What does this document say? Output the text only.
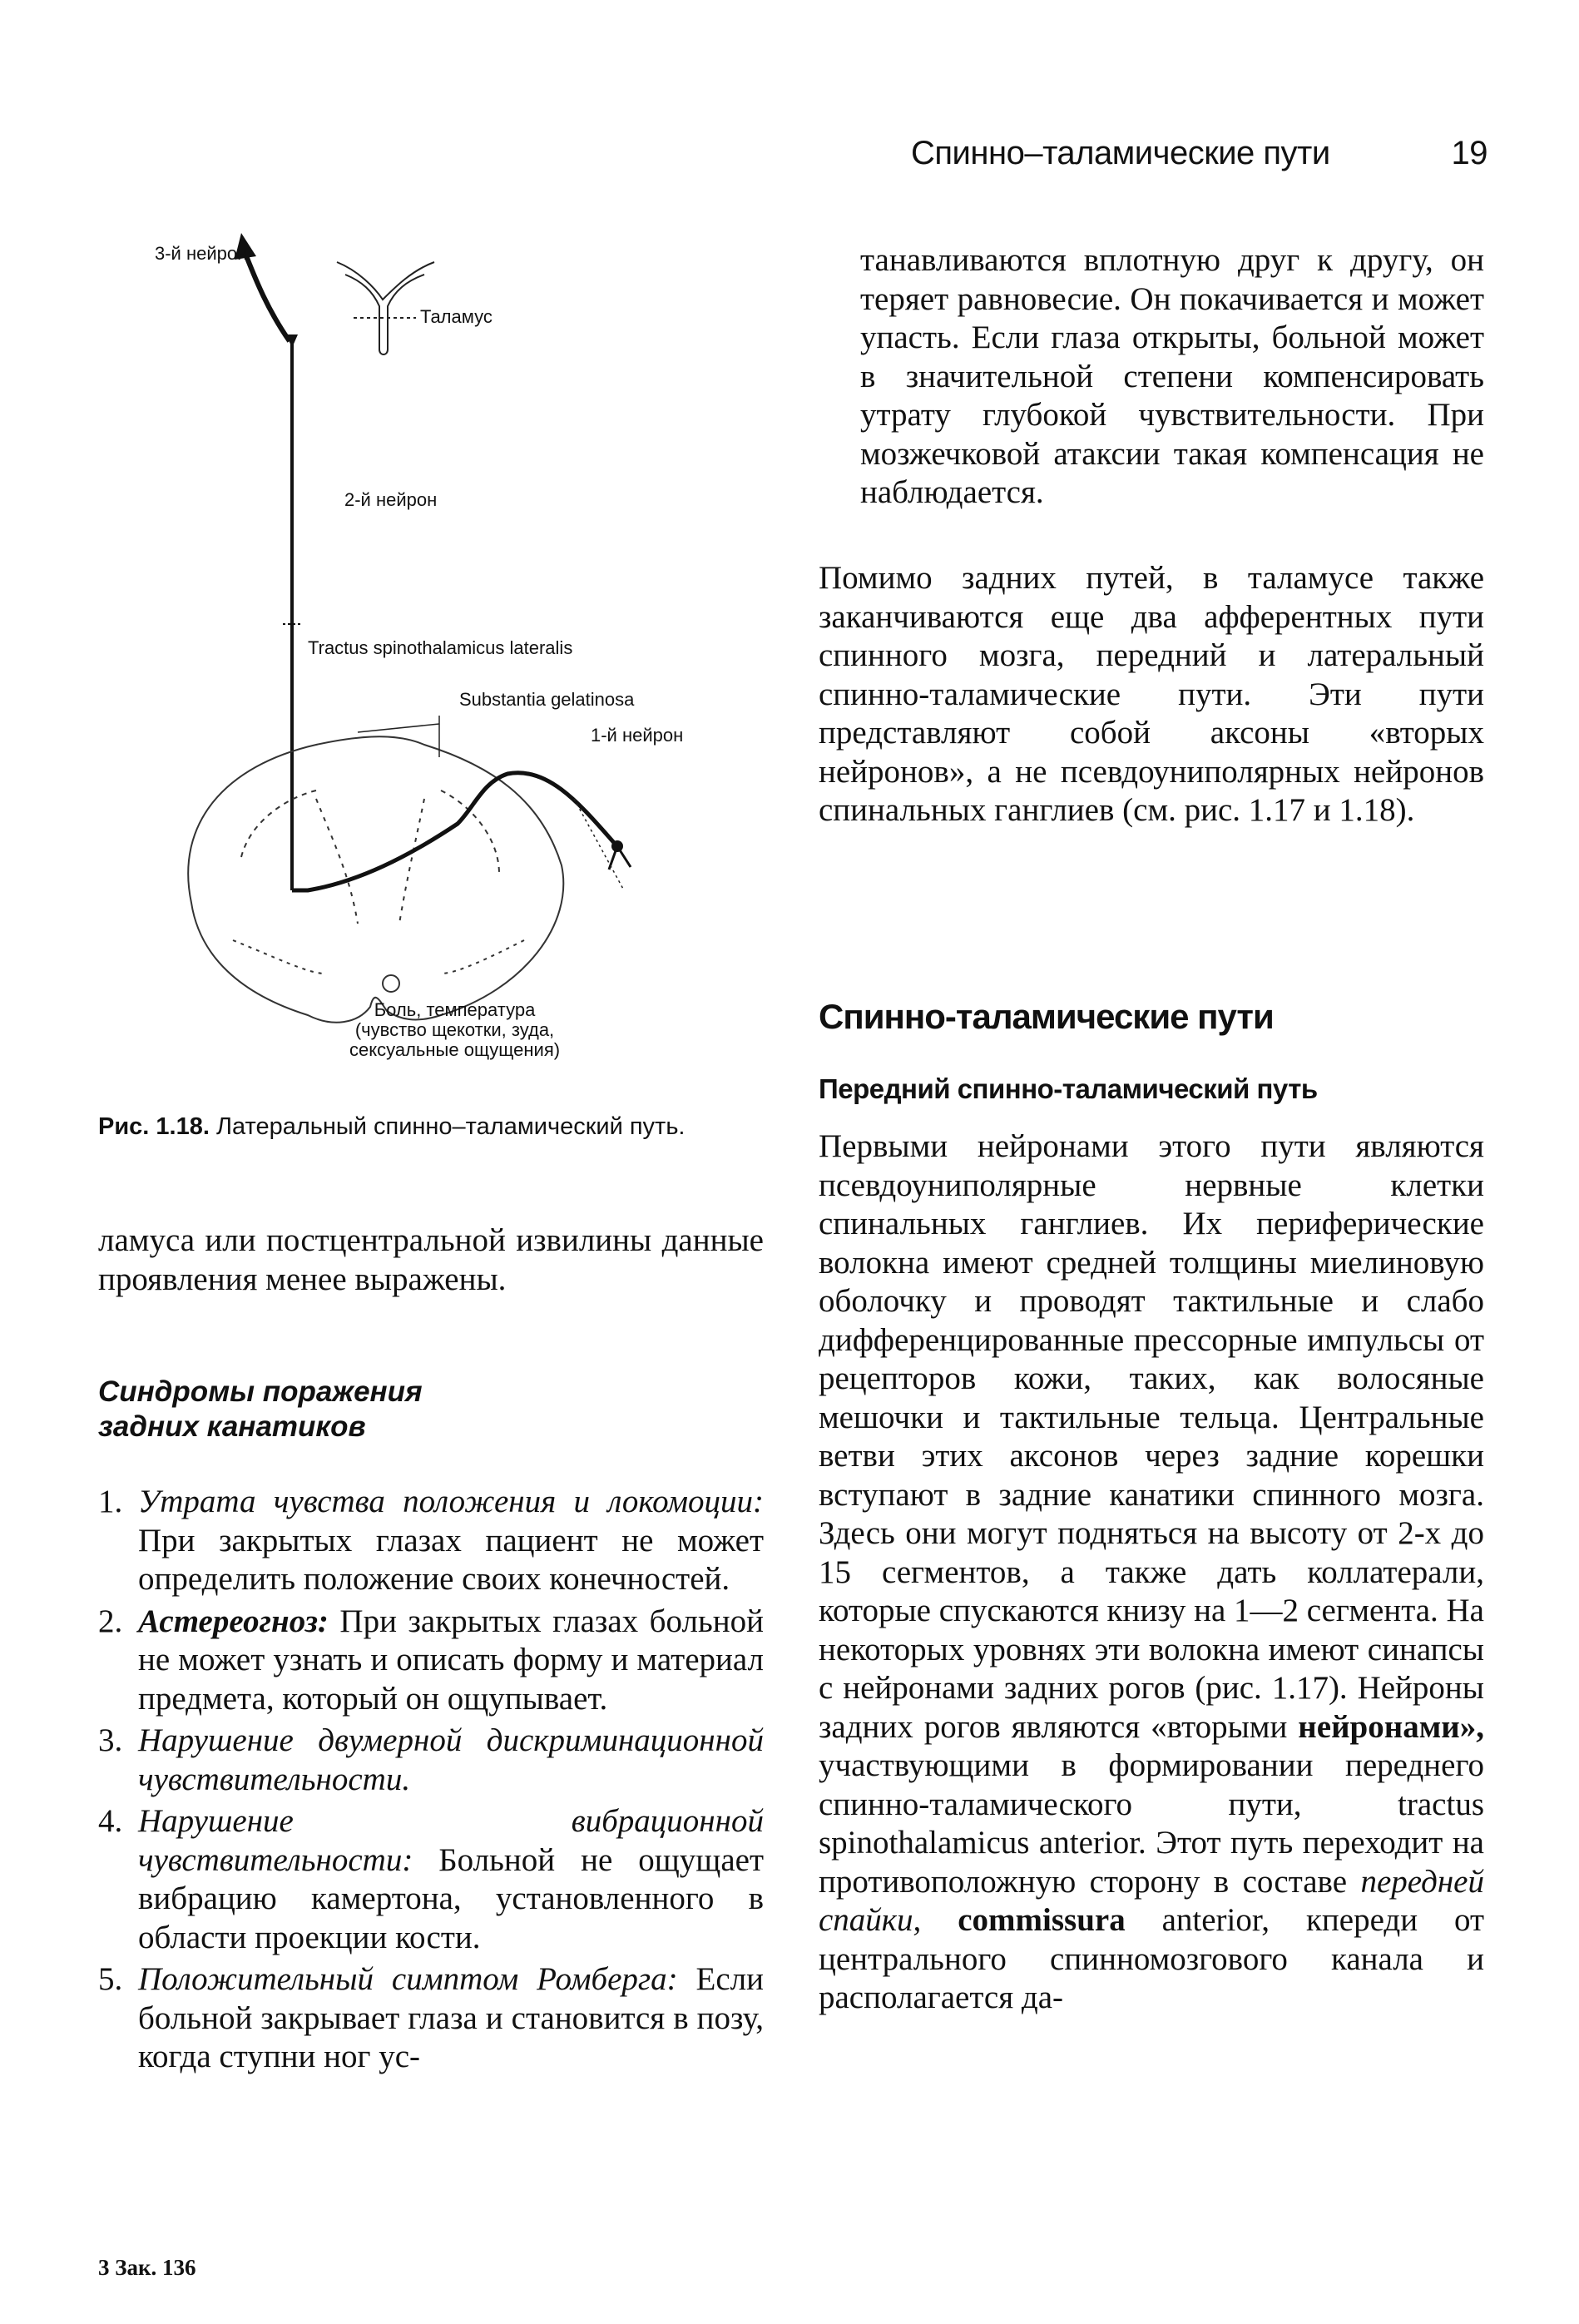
Спинно–таламические пути	19
3-й нейрон
Таламус
2-й нейрон
Tractus spinothalamicus lateralis
Substantia gelatinosa
1-й нейрон
Боль, температура
(чувство щекотки, зуда,
сексуальные ощущения)
Рис. 1.18. Латеральный спинно–таламический путь.

ламуса или постцентральной извилины данные проявления менее выражены.

Синдромы поражения
задних канатиков
1. Утрата чувства положения и локомоции: При закрытых глазах пациент не может определить положение своих конечностей.
2. Астереогноз: При закрытых глазах больной не может узнать и описать форму и материал предмета, который он ощупывает.
3. Нарушение двумерной дискриминационной чувствительности.
4. Нарушение вибрационной чувствительности: Больной не ощущает вибрацию камертона, установленного в области проекции кости.
5. Положительный симптом Ромберга: Если больной закрывает глаза и становится в позу, когда ступни ног ус-

танавливаются вплотную друг к другу, он теряет равновесие. Он покачивается и может упасть. Если глаза открыты, больной может в значительной степени компенсировать утрату глубокой чувствительности. При мозжечковой атаксии такая компенсация не наблюдается.

Помимо задних путей, в таламусе также заканчиваются еще два афферентных пути спинного мозга, передний и латеральный спинно-таламические пути. Эти пути представляют собой аксоны «вторых нейронов», а не псевдоуниполярных нейронов спинальных ганглиев (см. рис. 1.17 и 1.18).

Спинно-таламические пути
Передний спинно-таламический путь

Первыми нейронами этого пути являются псевдоуниполярные нервные клетки спинальных ганглиев. Их периферические волокна имеют средней толщины миелиновую оболочку и проводят тактильные и слабо дифференцированные прессорные импульсы от рецепторов кожи, таких, как волосяные мешочки и тактильные тельца. Центральные ветви этих аксонов через задние корешки вступают в задние канатики спинного мозга. Здесь они могут подняться на высоту от 2-х до 15 сегментов, а также дать коллатерали, которые спускаются книзу на 1—2 сегмента. На некоторых уровнях эти волокна имеют синапсы с нейронами задних рогов (рис. 1.17). Нейроны задних рогов являются «вторыми нейронами», участвующими в формировании переднего спинно-таламического пути, tractus spinothalamicus anterior. Этот путь переходит на противоположную сторону в составе передней спайки, commissura anterior, кпереди от центрального спинномозгового канала и располагается да-

3 Зак. 136
